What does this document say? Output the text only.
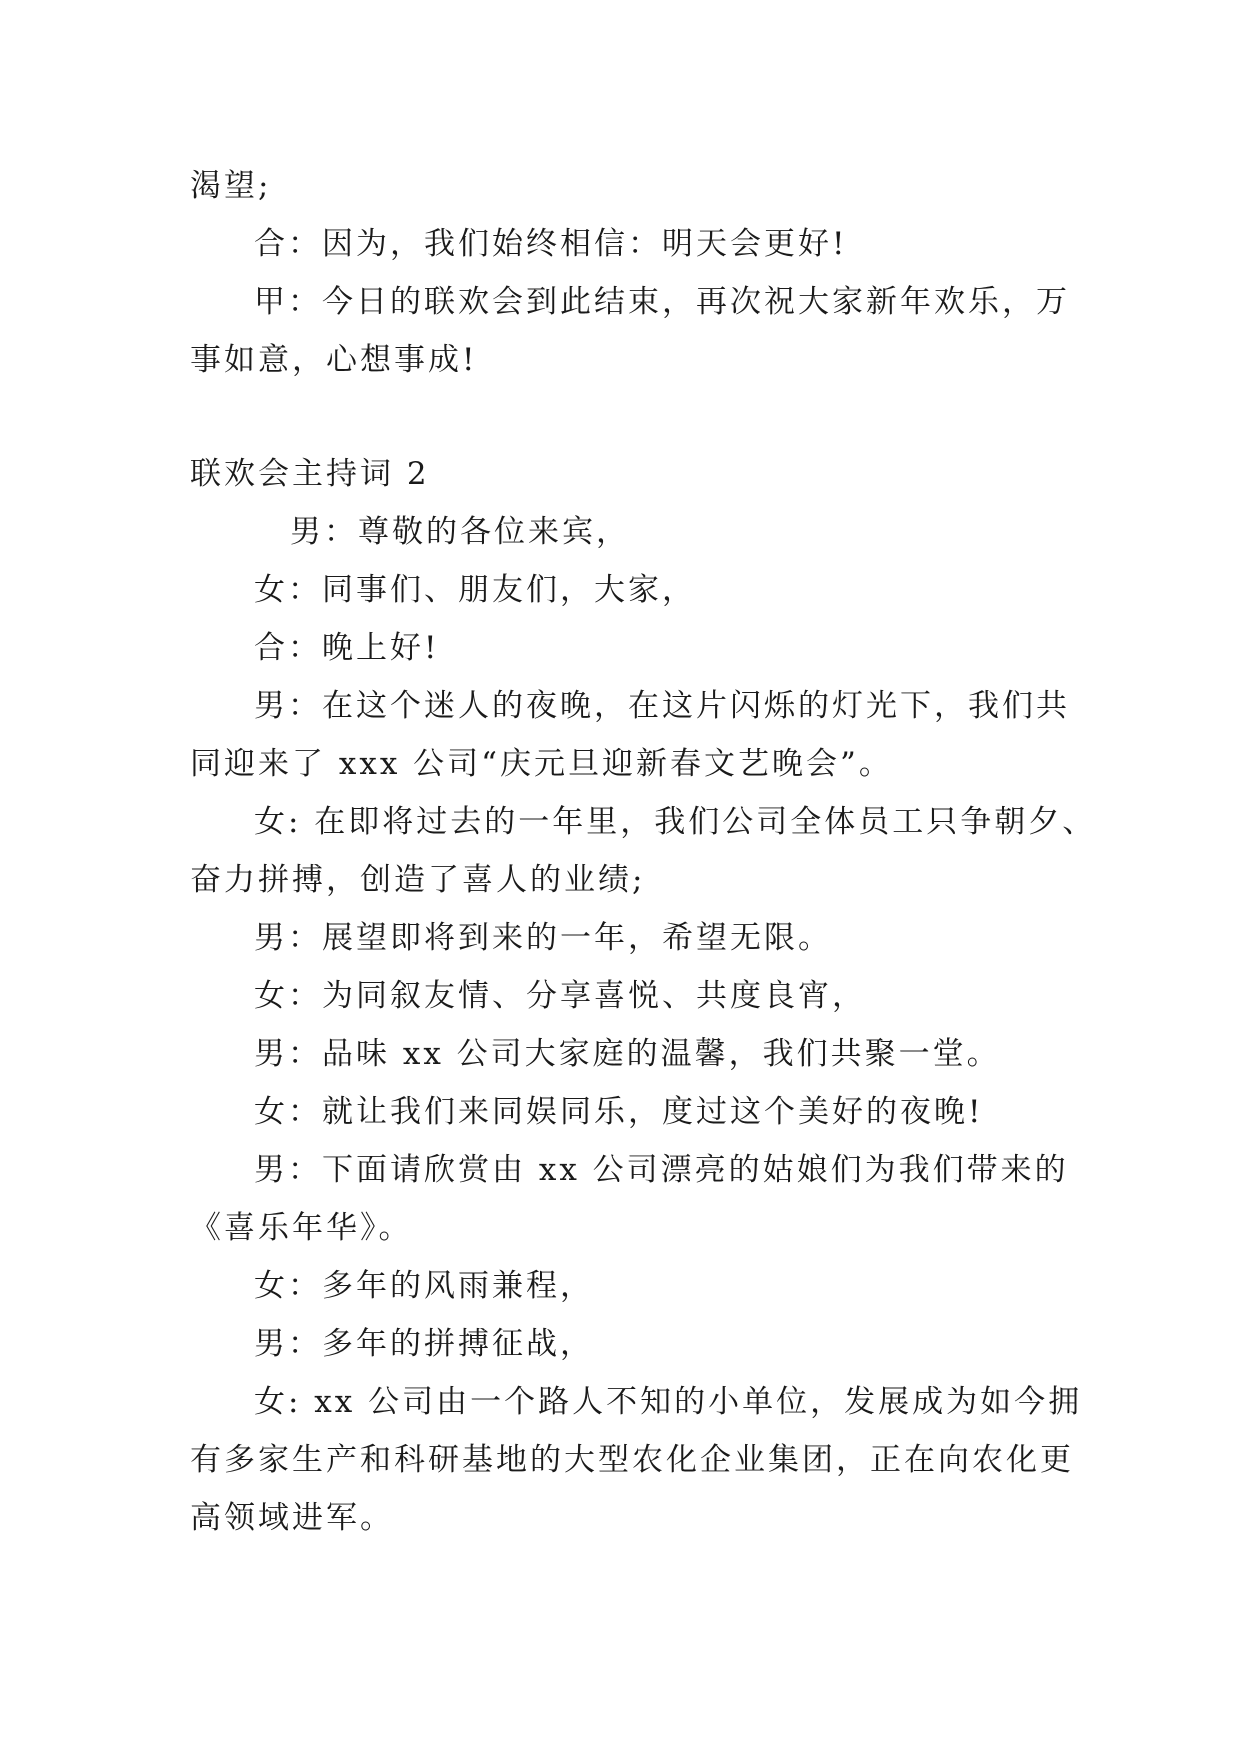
渴望;

合：因为，我们始终相信：明天会更好!

甲：今日的联欢会到此结束，再次祝大家新年欢乐，万

事如意，心想事成!

联欢会主持词 2

男：尊敬的各位来宾，

女：同事们、朋友们，大家，

合：晚上好!

男：在这个迷人的夜晚，在这片闪烁的灯光下，我们共

同迎来了 xxx 公司“庆元旦迎新春文艺晚会”。

女: 在即将过去的一年里，我们公司全体员工只争朝夕、

奋力拼搏，创造了喜人的业绩;

男：展望即将到来的一年，希望无限。

女：为同叙友情、分享喜悦、共度良宵，

男：品味 xx 公司大家庭的温馨，我们共聚一堂。

女：就让我们来同娱同乐，度过这个美好的夜晚!

男：下面请欣赏由 xx 公司漂亮的姑娘们为我们带来的

《喜乐年华》。

女：多年的风雨兼程，

男：多年的拼搏征战，

女: xx 公司由一个路人不知的小单位，发展成为如今拥

有多家生产和科研基地的大型农化企业集团，正在向农化更

高领域进军。
